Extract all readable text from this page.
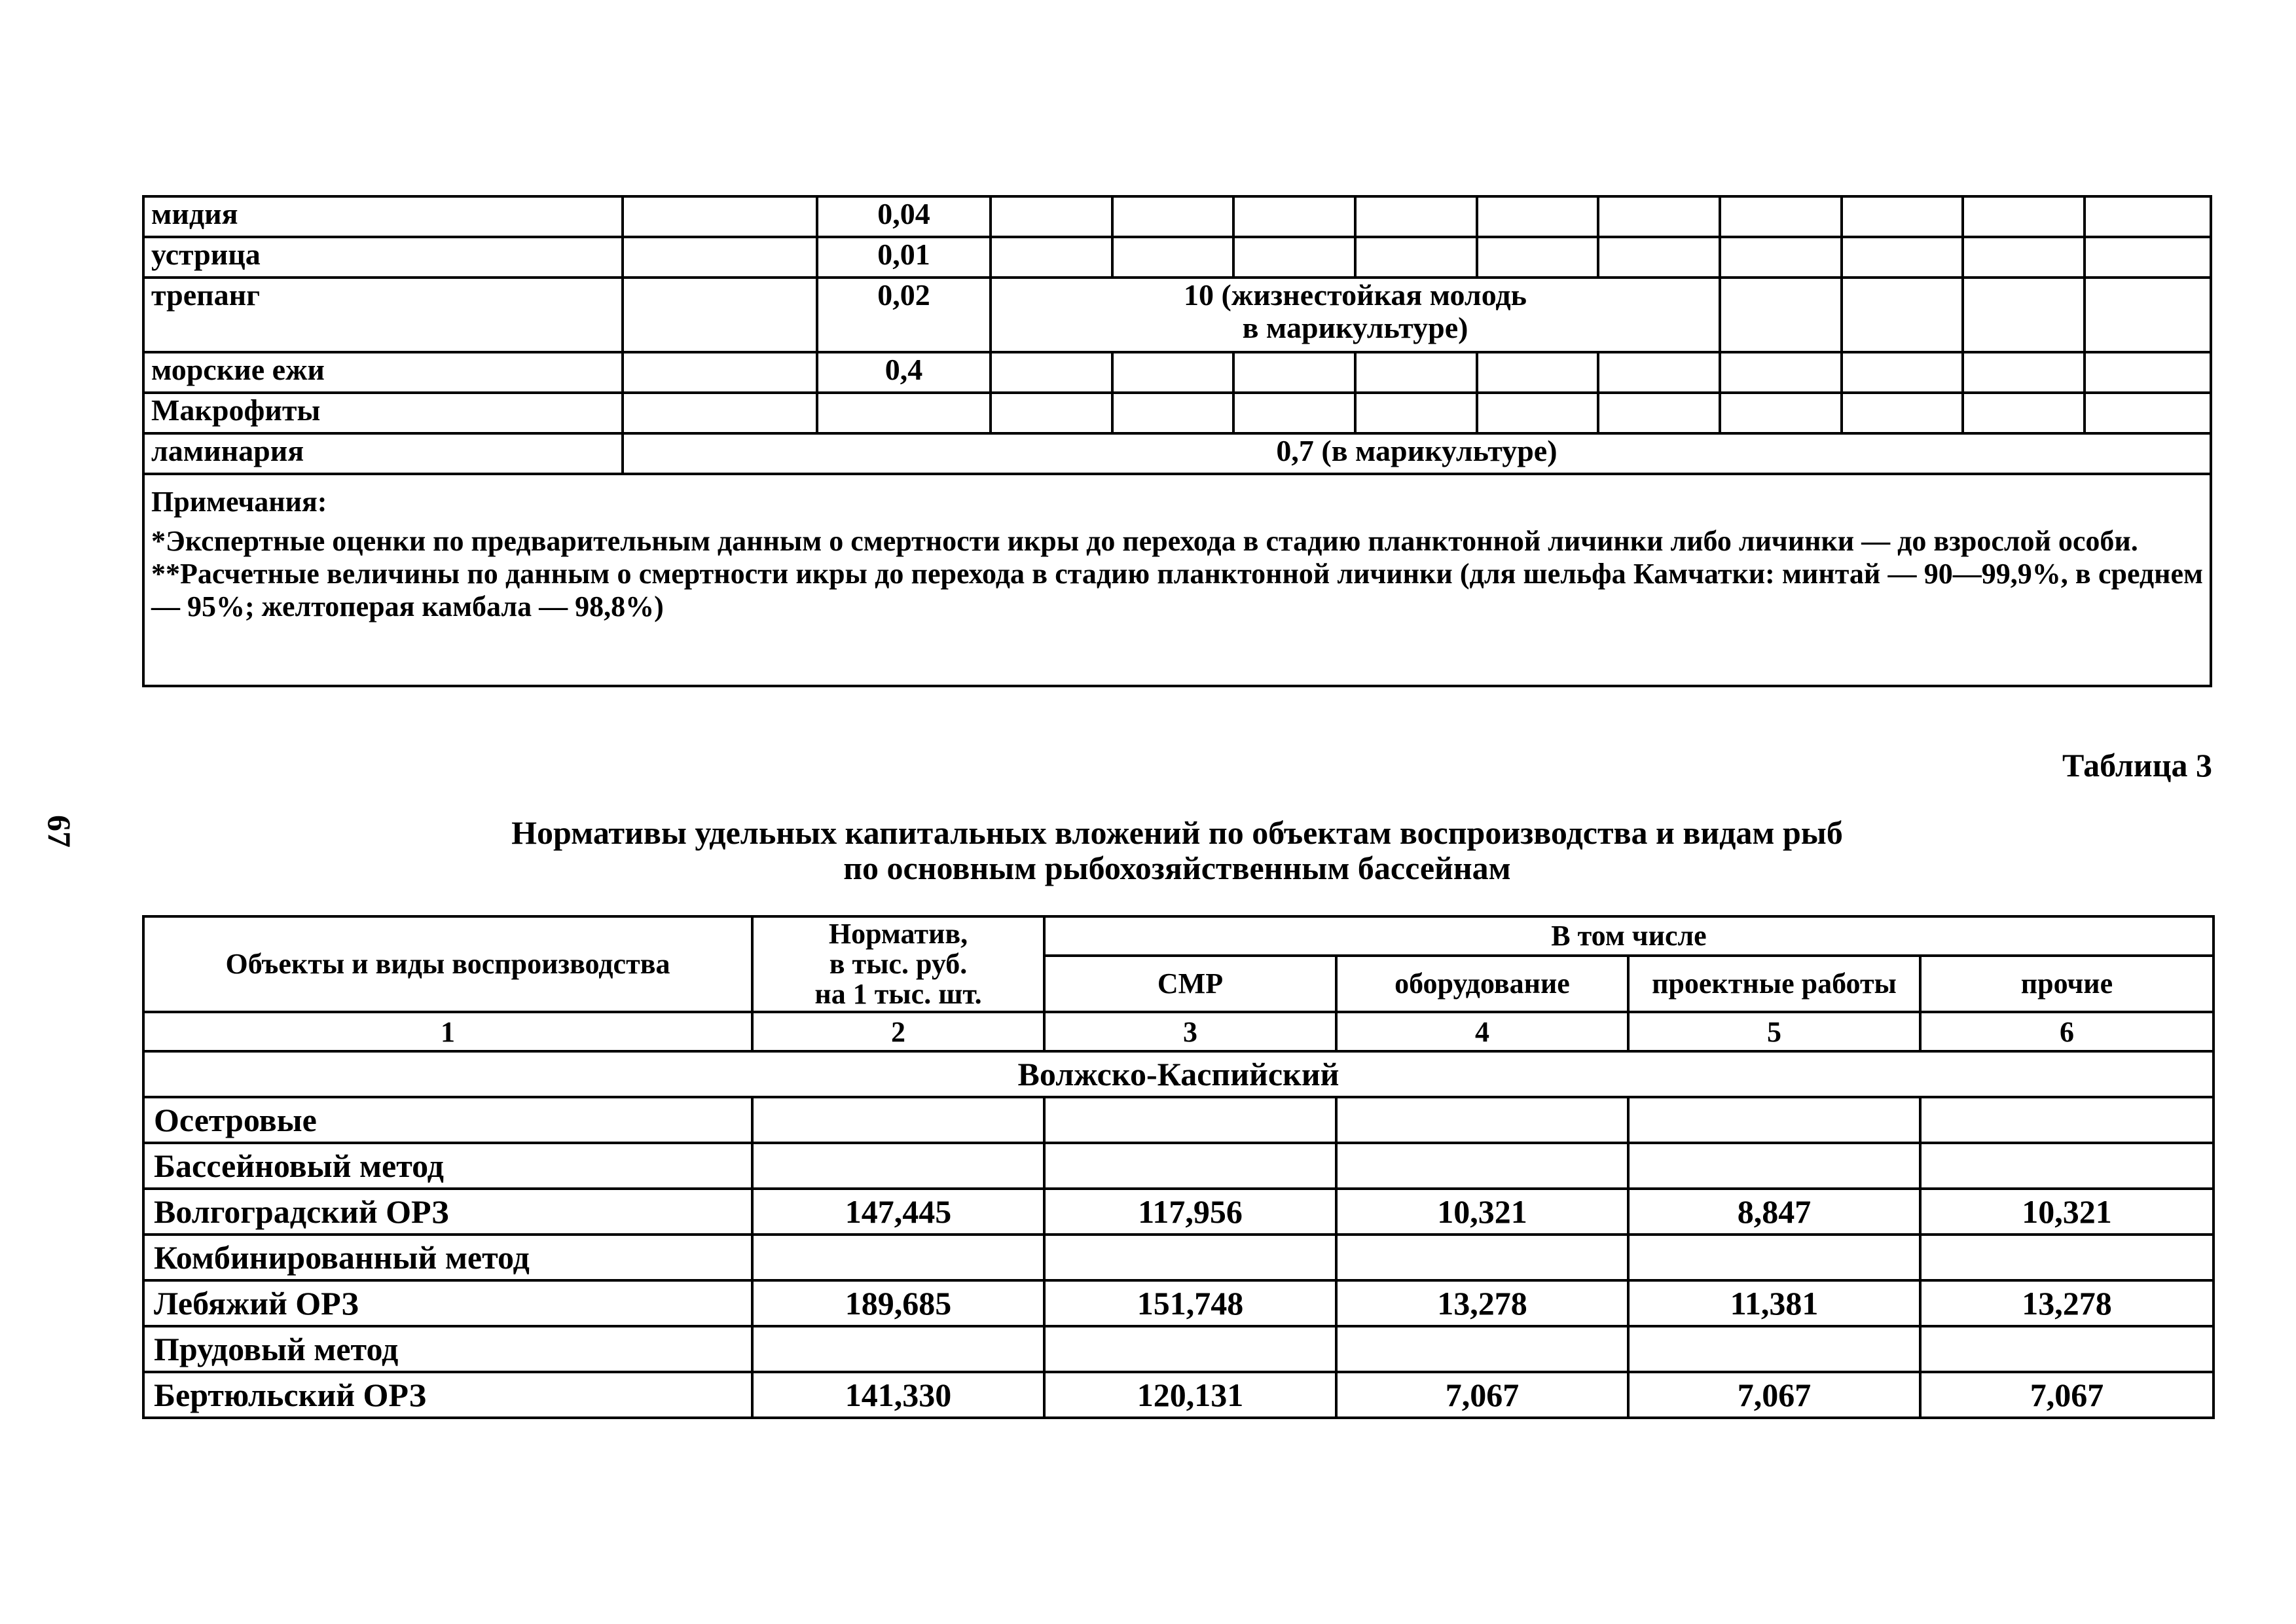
мидия		0,04										
устрица		0,01										
трепанг		0,02	10 (жизнестойкая молодь
в марикультуре)									

морские ежи		0,4										
Макрофиты												
ламинария	0,7 (в марикультуре)											

Примечания:
*Экспертные оценки по предварительным данным о смертности икры до перехода в стадию планктонной личинки либо личинки — до взрослой особи.
**Расчетные величины по данным о смертности икры до перехода в стадию планктонной личинки (для шельфа Камчатки: минтай — 90—99,9%, в среднем — 95%; желтоперая камбала — 98,8%)												
67
Таблица 3
Нормативы удельных капитальных вложений по объектам воспроизводства и видам рыб
по основным рыбохозяйственным бассейнам
Объекты и виды воспроизводства	Норматив,
в тыс. руб.
на 1 тыс. шт.	В том числе			
		СМР	оборудование	проектные работы	прочие
1	2	3	4	5	6
Волжско-Каспийский					
Осетровые					
Бассейновый метод					
Волгоградский ОРЗ	147,445	117,956	10,321	8,847	10,321
Комбинированный метод					
Лебяжий ОРЗ	189,685	151,748	13,278	11,381	13,278
Прудовый метод					
Бертюльский ОРЗ	141,330	120,131	7,067	7,067	7,067
